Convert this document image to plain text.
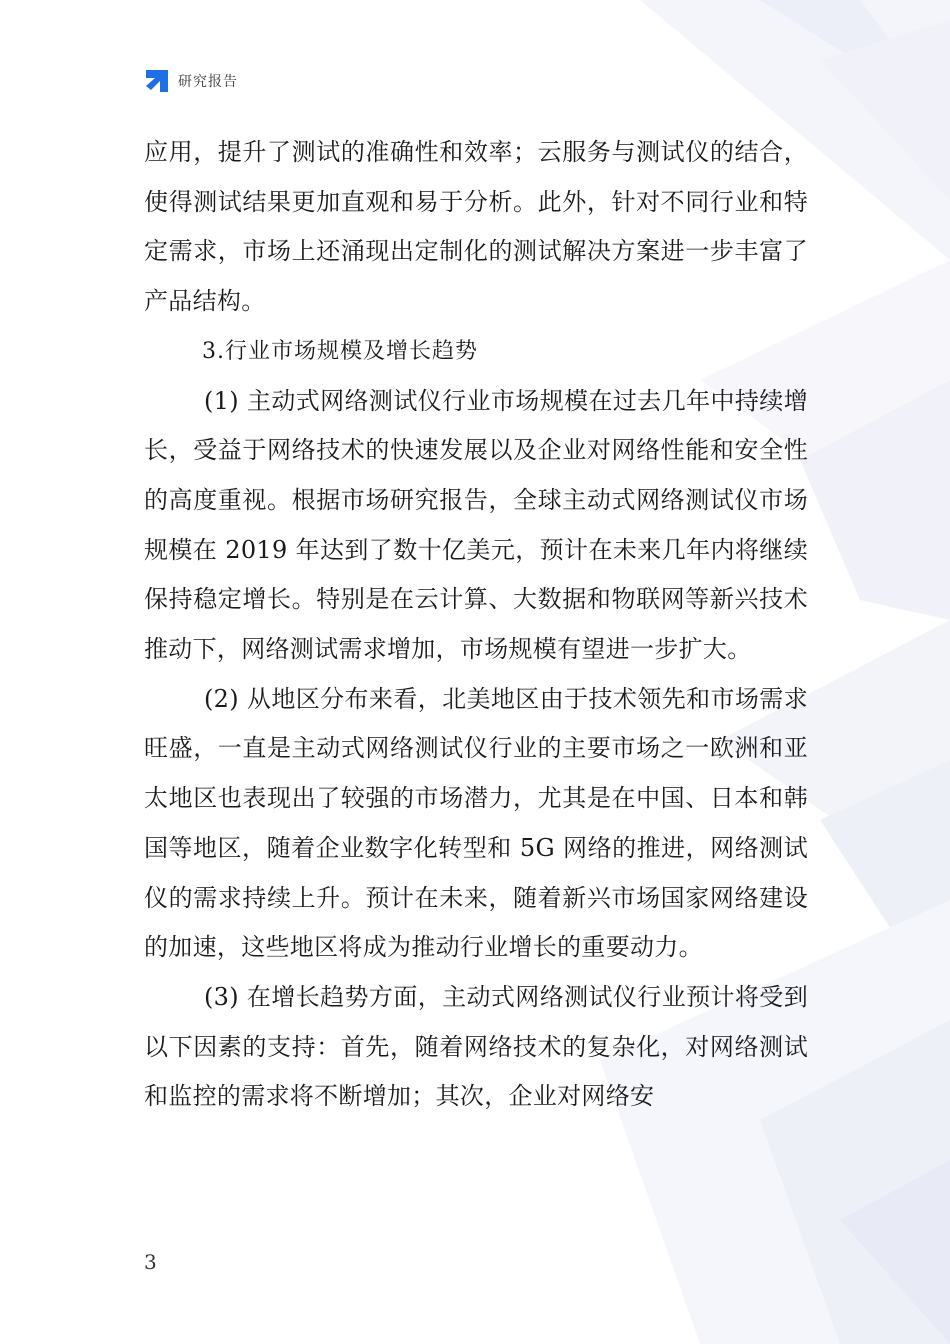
研究报告

应用，提升了测试的准确性和效率；云服务与测试仪的结合，使得测试结果更加直观和易于分析。此外，针对不同行业和特定需求，市场上还涌现出定制化的测试解决方案进一步丰富了产品结构。

3.行业市场规模及增长趋势

(1) 主动式网络测试仪行业市场规模在过去几年中持续增长，受益于网络技术的快速发展以及企业对网络性能和安全性的高度重视。根据市场研究报告，全球主动式网络测试仪市场规模在 2019 年达到了数十亿美元，预计在未来几年内将继续保持稳定增长。特别是在云计算、大数据和物联网等新兴技术推动下，网络测试需求增加，市场规模有望进一步扩大。

(2) 从地区分布来看，北美地区由于技术领先和市场需求旺盛，一直是主动式网络测试仪行业的主要市场之一欧洲和亚太地区也表现出了较强的市场潜力，尤其是在中国、日本和韩国等地区，随着企业数字化转型和 5G 网络的推进，网络测试仪的需求持续上升。预计在未来，随着新兴市场国家网络建设的加速，这些地区将成为推动行业增长的重要动力。

(3) 在增长趋势方面，主动式网络测试仪行业预计将受到以下因素的支持：首先，随着网络技术的复杂化，对网络测试和监控的需求将不断增加；其次，企业对网络安

3
